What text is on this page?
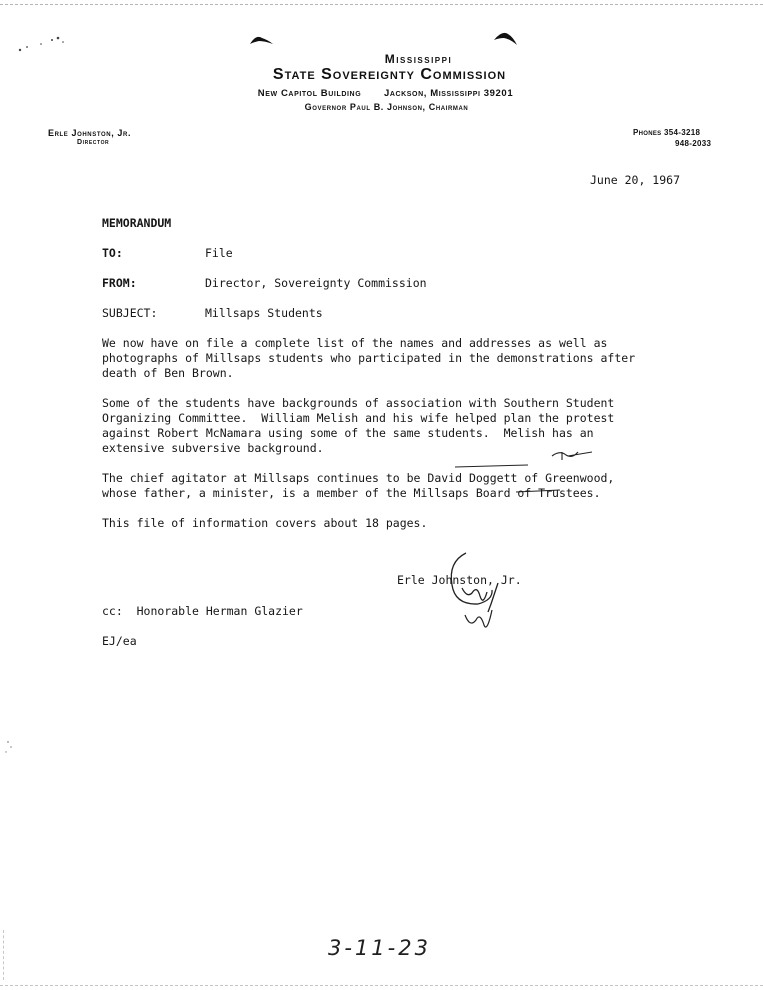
Mississippi
State Sovereignty Commission
New Capitol Building Jackson, Mississippi 39201
Governor Paul B. Johnson, Chairman
Erle Johnston, Jr.
Director
Phones 354-3218
948-2033
June 20, 1967
MEMORANDUM
TO:	File
FROM:	Director, Sovereignty Commission
SUBJECT:	Millsaps Students
We now have on file a complete list of the names and addresses as well as
photographs of Millsaps students who participated in the demonstrations after
death of Ben Brown.
Some of the students have backgrounds of association with Southern Student
Organizing Committee.  William Melish and his wife helped plan the protest
against Robert McNamara using some of the same students.  Melish has an
extensive subversive background.
The chief agitator at Millsaps continues to be David Doggett of Greenwood,
whose father, a minister, is a member of the Millsaps Board of Trustees.
This file of information covers about 18 pages.
Erle Johnston, Jr.
cc:  Honorable Herman Glazier
EJ/ea
3-11-23
